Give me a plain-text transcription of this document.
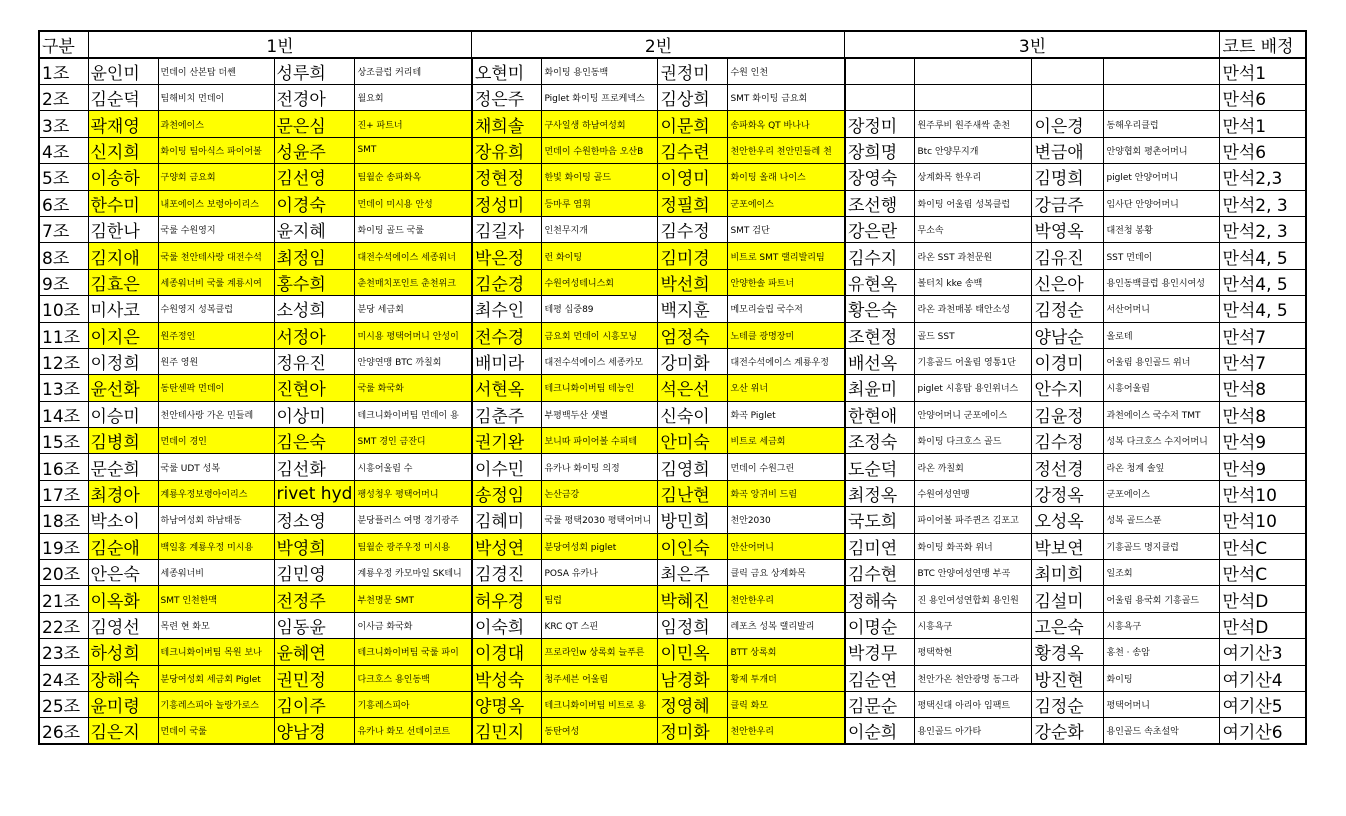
구분	1빈				2빈				3빈				코트 배정
1조	윤인미	먼데이 산본탑 더쎈	성루희	상조클럽 커리테	오현미	화이팅 용인동백	권정미	수원 인천					만석1
2조	김순덕	팀해비치 먼데이	전경아	월요회	정은주	Piglet 화이팅 프로케넥스	김상희	SMT 화이팅 금요회					만석6
3조	곽재영	과천에이스	문은심	진+ 파트너	채희솔	구사일생 하남여성회	이문희	송파화옥 QT 바나나	장정미	원주루비 원주새싹 춘천	이은경	동해우리클럽	만석1
4조	신지희	화이팅 팀아식스 파이어볼	성윤주	SMT	장유희	먼데이 수원한마음 오산B	김수련	천안한우리 천안민들레 천	장희명	Btc 안양무지개	변금애	안양협회 평촌어머니	만석6
5조	이송하	구양회 금요회	김선영	팀월순 송파화옥	정현정	한빛 화이팅 골드	이영미	화이팅 올래 나이스	장영숙	상계화목 한우리	김명희	piglet 안양어머니	만석2,3
6조	한수미	내포에이스 보령아이리스	이경숙	먼데이 미시용 안성	정성미	등마루 염휘	정필희	군포에이스	조선행	화이팅 어울림 성복클럽	강금주	임사단 안양어머니	만석2, 3
7조	김한나	국룰 수원영지	윤지혜	화이팅 골드 국룰	김길자	인천무지개	김수정	SMT 검단	강은란	무소속	박영옥	대전청 봉황	만석2, 3
8조	김지애	국룰 천안테사랑 대전수석	최정임	대전수석에이스 세종워너	박은정	런 화이팅	김미경	비트로 SMT 랠리발리팀	김수지	라온 SST 과천문원	김유진	SST 먼데이	만석4, 5
9조	김효은	세종워너비 국룰 계룡시여	홍수희	춘천매치포인트 춘천위크	김순경	수원여성테니스회	박선희	안양한솔 파트너	유현옥	볼터치 kke 송백	신은아	용인동백클럽 용인시여성	만석4, 5
10조	미사코	수원영지 성복클럽	소성희	분당 세금회	최수인	테평 십중89	백지훈	메모리슬립 국수저	황은숙	라온 과천매봉 태안소성	김정순	서산어머니	만석4, 5
11조	이지은	원주정인	서정아	미시용 평택어머니 안성이	전수경	금요회 먼데이 시흥모닝	엄정숙	노테클 광명장미	조현정	골드 SST	양남순	올로테	만석7
12조	이정희	원주 영원	정유진	안양연맹 BTC 까칠회	배미라	대전수석에이스 세종카모	강미화	대전수석에이스 계룡우정	배선옥	기흥골드 어울림 영통1단	이경미	어울림 용인골드 위너	만석7
13조	윤선화	동탄센팍 먼데이	진현아	국룰 화국화	서현옥	테크니화이버팀 테능인	석은선	오산 위너	최윤미	piglet 시흥탑 용인위너스	안수지	시흥어울림	만석8
14조	이승미	천안테사랑 가온 민들레	이상미	테크니화이버팀 먼데이 용	김춘주	부평백두산 샛별	신숙이	화곡 Piglet	한현애	안양어머니 군포에이스	김윤정	과천에이스 국수저 TMT	만석8
15조	김병희	먼데이 경인	김은숙	SMT 경인 금잔디	권기완	보니따 파이어볼 수피테	안미숙	비트로 세금회	조정숙	화이팅 다크호스 골드	김수정	성복 다크호스 수지어머니	만석9
16조	문순희	국룰 UDT 성복	김선화	시흥어울림 수	이수민	유카나 화이팅 의정	김영희	먼데이 수원그린	도순덕	라온 까칠회	정선경	라온 청계 솔잎	만석9
17조	최경아	계룡우정보령아이리스	rivet hyd	팽성청우 평택어머니	송정임	논산금강	김난현	화곡 앙귀비 드림	최정옥	수원여성연맹	강정옥	군포에이스	만석10
18조	박소이	하남여성회 하남태동	정소영	분당플러스 여명 경기광주	김혜미	국룰 평택2030 평택어머니	방민희	천안2030	국도희	파이어볼 파주퀸즈 김포고	오성옥	성복 골드스푼	만석10
19조	김순애	백일홍 계룡우정 미시용	박영희	팀월순 광주우정 미시용	박성연	분당여성회 piglet	이인숙	안산어머니	김미연	화이팅 화곡화 위너	박보연	기흥골드 명지클럽	만석C
20조	안은숙	세종워너비	김민영	계룡우정 카모마일 SK테니	김경진	POSA 유카나	최은주	클릭 금요 상계화목	김수현	BTC 안양여성연맹 부곡	최미희	일조회	만석C
21조	이옥화	SMT 인천한맥	전정주	부천명문 SMT	허우경	팀럽	박혜진	천안한우리	정해숙	진 용인여성연합회 용인원	김설미	어울림 용국회 기흥골드	만석D
22조	김영선	목련 현 화모	임동윤	이사금 화국화	이숙희	KRC QT 스핀	임정희	레포츠 성복 랠리발리	이명순	시흥욕구	고은숙	시흥욕구	만석D
23조	하성희	테크니화이버팀 목원 보나	윤혜연	테크니화이버팀 국룰 파이	이경대	프로라인w 상록회 늘푸른	이민옥	BTT 상록회	박경무	평택학현	황경옥	홍천 · 송암	여기산3
24조	장해숙	분당여성회 세금회 Piglet	권민정	다크호스 용인동백	박성숙	청주세븐 어울림	남경화	황제 투개더	김순연	천안가온 천안광명 동그라	방진현	화이팅	여기산4
25조	윤미령	기흥레스피아 놀랑가로스	김이주	기흥레스피아	양명옥	테크니화이버팀 비트로 용	정영혜	클릭 화모	김문순	평택신대 아리아 임팩트	김정순	평택어머니	여기산5
26조	김은지	먼데이 국룰	양남경	유카나 화모 선데이코트	김민지	동탄여성	정미화	천안한우리	이순희	용인골드 아가타	강순화	용인골드 속초설악	여기산6
